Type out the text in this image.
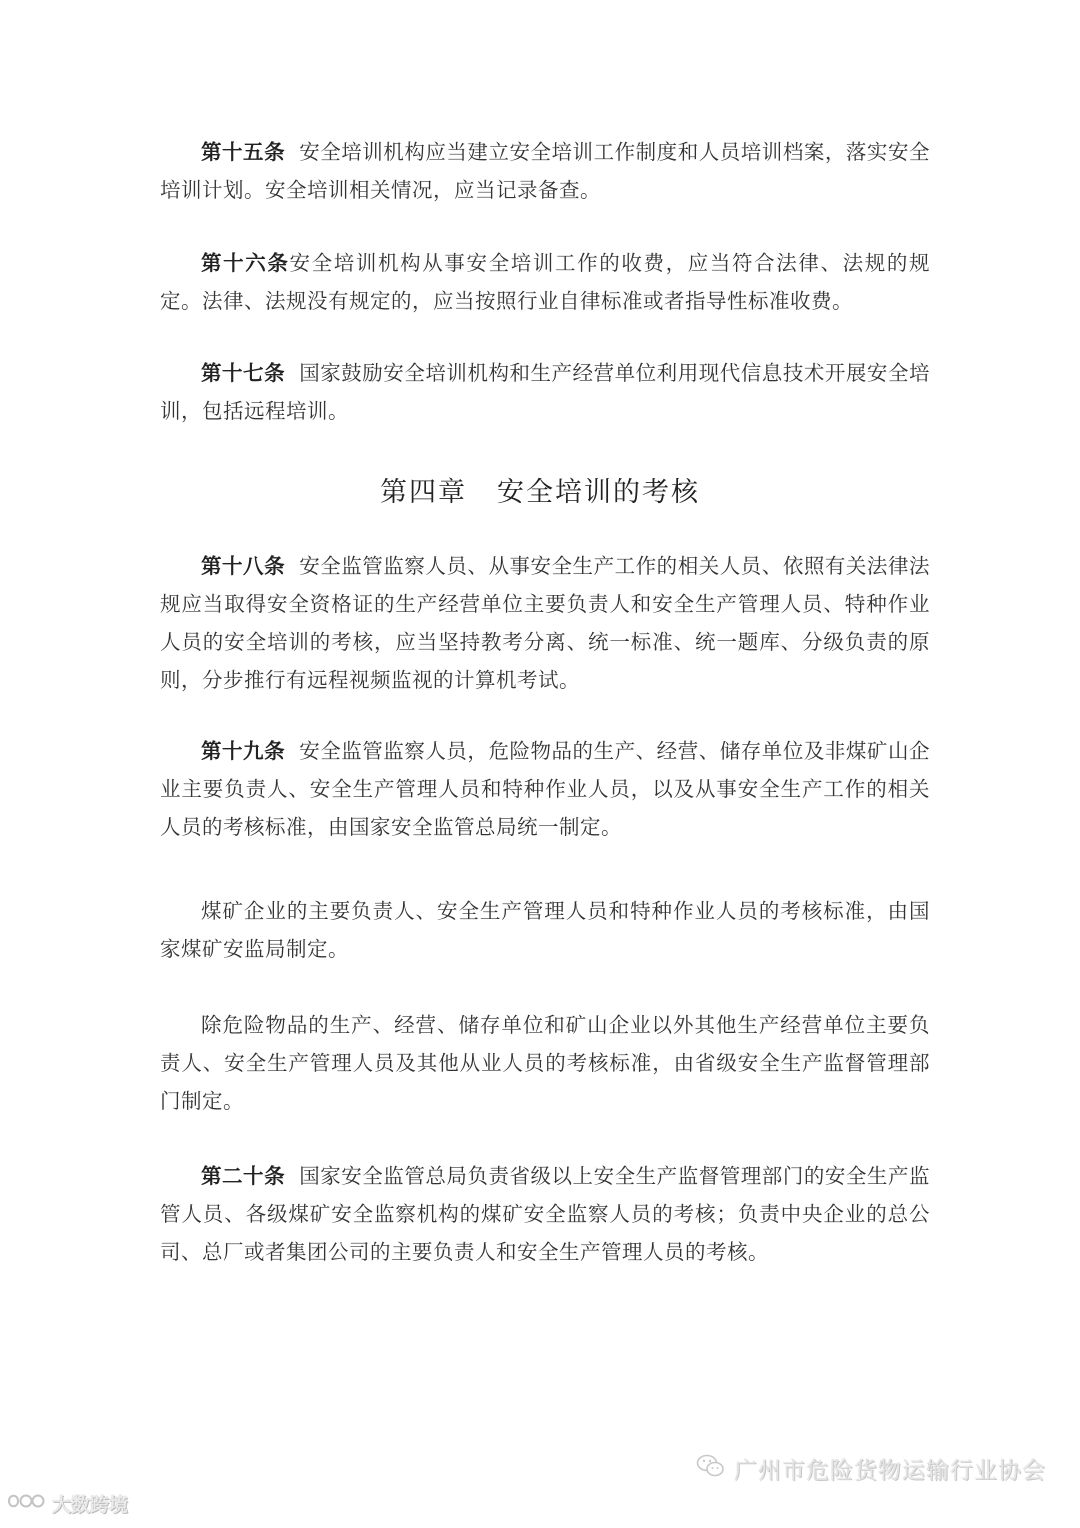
第十五条 安全培训机构应当建立安全培训工作制度和人员培训档案，落实安全培训计划。安全培训相关情况，应当记录备查。

第十六条安全培训机构从事安全培训工作的收费，应当符合法律、法规的规定。法律、法规没有规定的，应当按照行业自律标准或者指导性标准收费。

第十七条 国家鼓励安全培训机构和生产经营单位利用现代信息技术开展安全培训，包括远程培训。

第四章 安全培训的考核

第十八条 安全监管监察人员、从事安全生产工作的相关人员、依照有关法律法规应当取得安全资格证的生产经营单位主要负责人和安全生产管理人员、特种作业人员的安全培训的考核，应当坚持教考分离、统一标准、统一题库、分级负责的原则，分步推行有远程视频监视的计算机考试。

第十九条 安全监管监察人员，危险物品的生产、经营、储存单位及非煤矿山企业主要负责人、安全生产管理人员和特种作业人员，以及从事安全生产工作的相关人员的考核标准，由国家安全监管总局统一制定。

煤矿企业的主要负责人、安全生产管理人员和特种作业人员的考核标准，由国家煤矿安监局制定。

除危险物品的生产、经营、储存单位和矿山企业以外其他生产经营单位主要负责人、安全生产管理人员及其他从业人员的考核标准，由省级安全生产监督管理部门制定。

第二十条 国家安全监管总局负责省级以上安全生产监督管理部门的安全生产监管人员、各级煤矿安全监察机构的煤矿安全监察人员的考核；负责中央企业的总公司、总厂或者集团公司的主要负责人和安全生产管理人员的考核。

广州市危险货物运输行业协会
大数跨境
